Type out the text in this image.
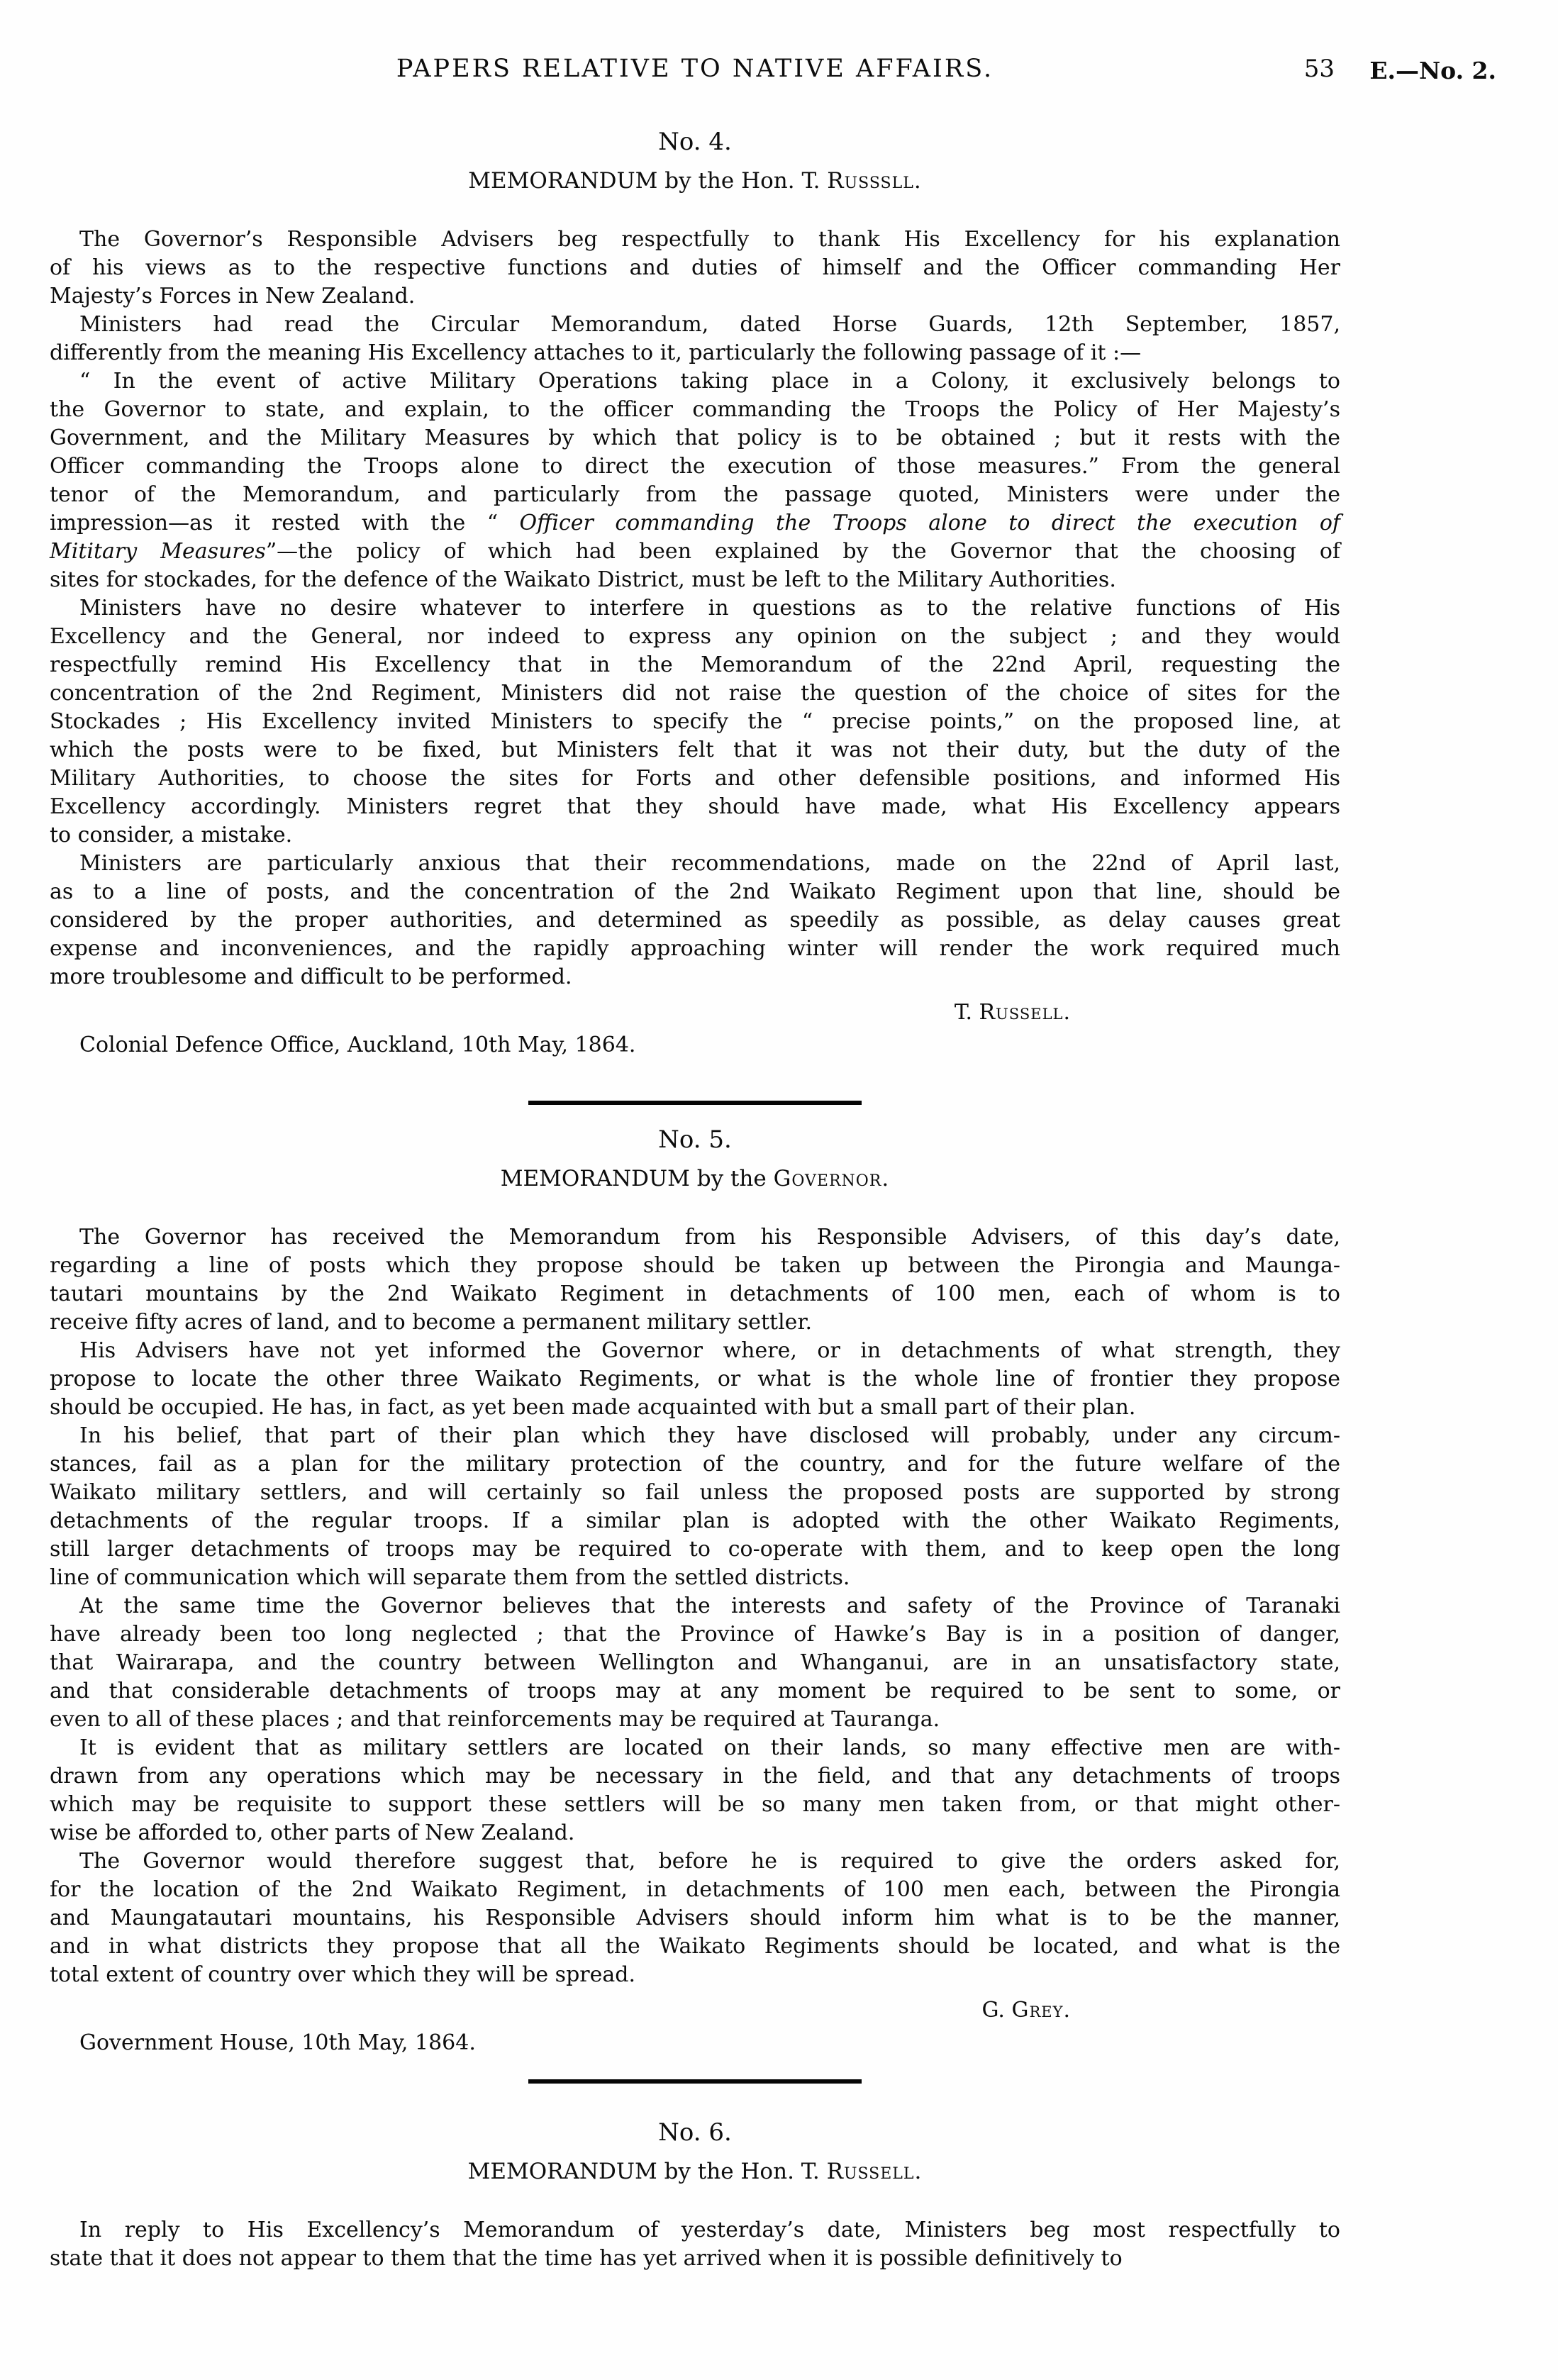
PAPERS RELATIVE TO NATIVE AFFAIRS.	53 E.—No. 2.
No. 4.
MEMORANDUM by the Hon. T. Russsll.
The Governor’s Responsible Advisers beg respectfully to thank His Excellency for his explanation
of his views as to the respective functions and duties of himself and the Officer commanding Her
Majesty’s Forces in New Zealand.
Ministers had read the Circular Memorandum, dated Horse Guards, 12th September, 1857,
differently from the meaning His Excellency attaches to it, particularly the following passage of it :—
“ In the event of active Military Operations taking place in a Colony, it exclusively belongs to
the Governor to state, and explain, to the officer commanding the Troops the Policy of Her Majesty’s
Government, and the Military Measures by which that policy is to be obtained ; but it rests with the
Officer commanding the Troops alone to direct the execution of those measures.” From the general
tenor of the Memorandum, and particularly from the passage quoted, Ministers were under the
impression—as it rested with the “ Officer commanding the Troops alone to direct the execution of
Mititary Measures”—the policy of which had been explained by the Governor that the choosing of
sites for stockades, for the defence of the Waikato District, must be left to the Military Authorities.
Ministers have no desire whatever to interfere in questions as to the relative functions of His
Excellency and the General, nor indeed to express any opinion on the subject ; and they would
respectfully remind His Excellency that in the Memorandum of the 22nd April, requesting the
concentration of the 2nd Regiment, Ministers did not raise the question of the choice of sites for the
Stockades ; His Excellency invited Ministers to specify the “ precise points,” on the proposed line, at
which the posts were to be fixed, but Ministers felt that it was not their duty, but the duty of the
Military Authorities, to choose the sites for Forts and other defensible positions, and informed His
Excellency accordingly. Ministers regret that they should have made, what His Excellency appears
to consider, a mistake.
Ministers are particularly anxious that their recommendations, made on the 22nd of April last,
as to a line of posts, and the concentration of the 2nd Waikato Regiment upon that line, should be
considered by the proper authorities, and determined as speedily as possible, as delay causes great
expense and inconveniences, and the rapidly approaching winter will render the work required much
more troublesome and difficult to be performed.
T. Russell.
Colonial Defence Office, Auckland, 10th May, 1864.
No. 5.
MEMORANDUM by the Governor.
The Governor has received the Memorandum from his Responsible Advisers, of this day’s date,
regarding a line of posts which they propose should be taken up between the Pirongia and Maunga-
tautari mountains by the 2nd Waikato Regiment in detachments of 100 men, each of whom is to
receive fifty acres of land, and to become a permanent military settler.
His Advisers have not yet informed the Governor where, or in detachments of what strength, they
propose to locate the other three Waikato Regiments, or what is the whole line of frontier they propose
should be occupied. He has, in fact, as yet been made acquainted with but a small part of their plan.
In his belief, that part of their plan which they have disclosed will probably, under any circum-
stances, fail as a plan for the military protection of the country, and for the future welfare of the
Waikato military settlers, and will certainly so fail unless the proposed posts are supported by strong
detachments of the regular troops. If a similar plan is adopted with the other Waikato Regiments,
still larger detachments of troops may be required to co-operate with them, and to keep open the long
line of communication which will separate them from the settled districts.
At the same time the Governor believes that the interests and safety of the Province of Taranaki
have already been too long neglected ; that the Province of Hawke’s Bay is in a position of danger,
that Wairarapa, and the country between Wellington and Whanganui, are in an unsatisfactory state,
and that considerable detachments of troops may at any moment be required to be sent to some, or
even to all of these places ; and that reinforcements may be required at Tauranga.
It is evident that as military settlers are located on their lands, so many effective men are with-
drawn from any operations which may be necessary in the field, and that any detachments of troops
which may be requisite to support these settlers will be so many men taken from, or that might other-
wise be afforded to, other parts of New Zealand.
The Governor would therefore suggest that, before he is required to give the orders asked for,
for the location of the 2nd Waikato Regiment, in detachments of 100 men each, between the Pirongia
and Maungatautari mountains, his Responsible Advisers should inform him what is to be the manner,
and in what districts they propose that all the Waikato Regiments should be located, and what is the
total extent of country over which they will be spread.
G. Grey.
Government House, 10th May, 1864.
No. 6.
MEMORANDUM by the Hon. T. Russell.
In reply to His Excellency’s Memorandum of yesterday’s date, Ministers beg most respectfully to
state that it does not appear to them that the time has yet arrived when it is possible definitively to
